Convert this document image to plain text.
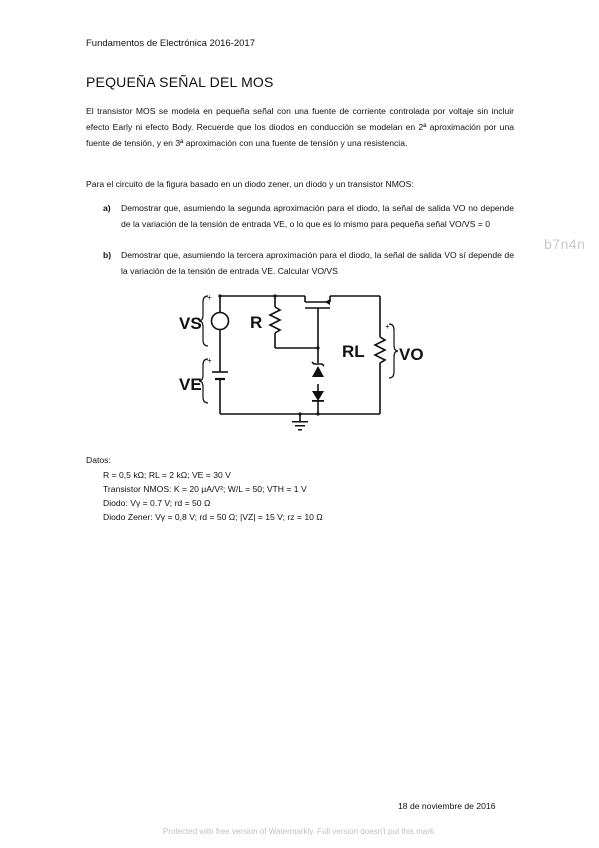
Fundamentos de Electrónica 2016-2017
PEQUEÑA SEÑAL DEL MOS
El transistor MOS se modela en pequeña señal con una fuente de corriente controlada por voltaje sin incluir efecto Early ni efecto Body. Recuerde que los diodos en conducción se modelan en 2ª aproximación por una fuente de tensión, y en 3ª aproximación con una fuente de tensión y una resistencia.
Para el circuito de la figura basado en un diodo zener, un diodo y un transistor NMOS:
a)	Demostrar que, asumiendo la segunda aproximación para el diodo, la señal de salida VO no depende de la variación de la tensión de entrada VE, o lo que es lo mismo para pequeña señal VO/VS = 0
b)	Demostrar que, asumiendo la tercera aproximación para el diodo, la señal de salida VO sí depende de la variación de la tensión de entrada VE. Calcular VO/VS
b7n4n
VS	R
RL VO
VE
+
+
+
Datos:
R = 0,5 kΩ; RL = 2 kΩ; VE = 30 V
Transistor NMOS: K = 20 μA/V²; W/L = 50; VTH = 1 V
Diodo: Vγ = 0.7 V; rd = 50 Ω
Diodo Zener: Vγ = 0,8 V; rd = 50 Ω; |VZ| = 15 V; rz = 10 Ω
18 de noviembre de 2016
Protected with free version of Watermarkly. Full version doesn't put this mark.
